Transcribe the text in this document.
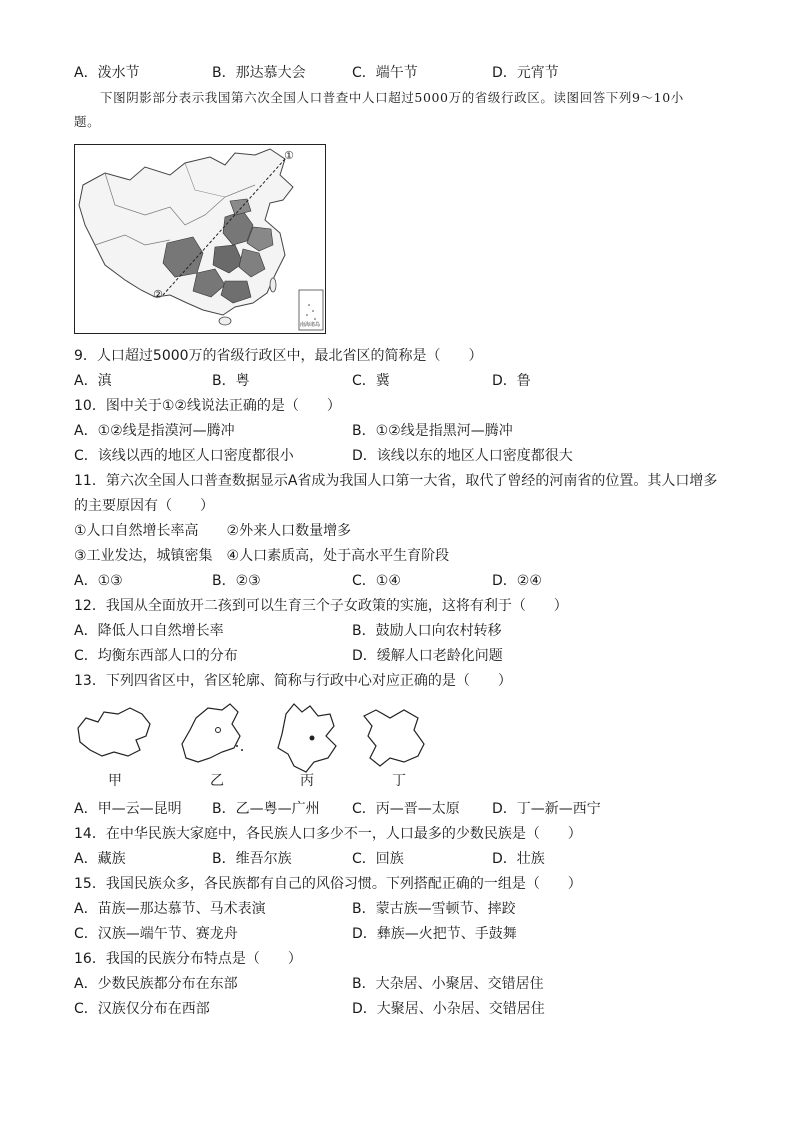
A．泼水节	B．那达慕大会	C．端午节	D．元宵节
下图阴影部分表示我国第六次全国人口普查中人口超过5000万的省级行政区。读图回答下列9～10小
题。
①
②
南海诸岛
9．人口超过5000万的省级行政区中，最北省区的简称是（　　）
A．滇	B．粤	C．冀	D．鲁
10．图中关于①②线说法正确的是（　　）
A．①②线是指漠河—腾冲	B．①②线是指黑河—腾冲
C．该线以西的地区人口密度都很小	D．该线以东的地区人口密度都很大
11．第六次全国人口普查数据显示A省成为我国人口第一大省，取代了曾经的河南省的位置。其人口增多
的主要原因有（　　）
①人口自然增长率高　　②外来人口数量增多
③工业发达，城镇密集　④人口素质高，处于高水平生育阶段
A．①③	B．②③	C．①④	D．②④
12．我国从全面放开二孩到可以生育三个子女政策的实施，这将有利于（　　）
A．降低人口自然增长率	B．鼓励人口向农村转移
C．均衡东西部人口的分布	D．缓解人口老龄化问题
13．下列四省区中，省区轮廓、简称与行政中心对应正确的是（　　）
甲	乙	丙	丁
A．甲—云—昆明 B．乙—粤—广州 C．丙—晋—太原 D．丁—新—西宁
14．在中华民族大家庭中，各民族人口多少不一，人口最多的少数民族是（　　）
A．藏族	B．维吾尔族	C．回族	D．壮族
15．我国民族众多，各民族都有自己的风俗习惯。下列搭配正确的一组是（　　）
A．苗族—那达慕节、马术表演	B．蒙古族—雪顿节、摔跤
C．汉族—端午节、赛龙舟	D．彝族—火把节、手鼓舞
16．我国的民族分布特点是（　　）
A．少数民族都分布在东部	B．大杂居、小聚居、交错居住
C．汉族仅分布在西部	D．大聚居、小杂居、交错居住
